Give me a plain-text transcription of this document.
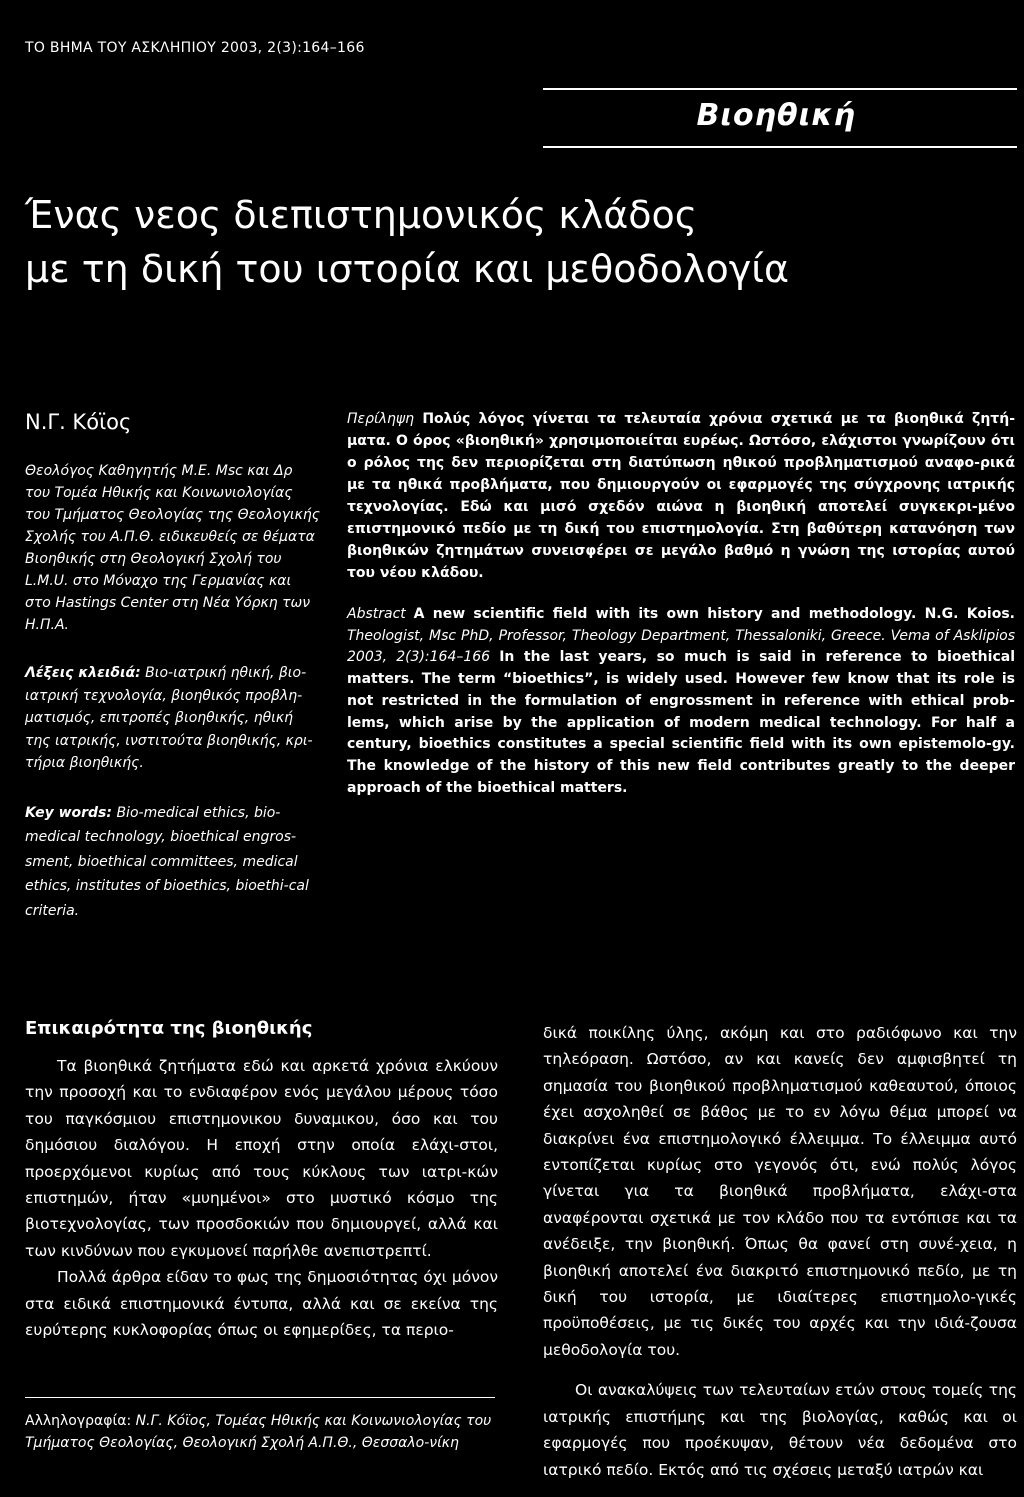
ΤΟ ΒΗΜΑ ΤΟΥ ΑΣΚΛΗΠΙΟΥ 2003, 2(3):164–166
Βιοηθική
Ένας νεος διεπιστημονικός κλάδος
με τη δική του ιστορία και μεθοδολογία
Ν.Γ. Κόϊος
Θεολόγος Καθηγητής Μ.Ε. Msc και Δρ του Τομέα Ηθικής και Κοινωνιολογίας του Τμήματος Θεολογίας της Θεολογικής Σχολής του Α.Π.Θ. ειδικευθείς σε θέματα Βιοηθικής στη Θεολογική Σχολή του L.M.U. στο Μόναχο της Γερμανίας και στο Hastings Center στη Νέα Υόρκη των Η.Π.Α.
Λέξεις κλειδιά: Βιο-ιατρική ηθική, βιο-ιατρική τεχνολογία, βιοηθικός προβλη-ματισμός, επιτροπές βιοηθικής, ηθική της ιατρικής, ινστιτούτα βιοηθικής, κρι-τήρια βιοηθικής.
Key words: Bio-medical ethics, bio-medical technology, bioethical engros-sment, bioethical committees, medical ethics, institutes of bioethics, bioethi-cal criteria.
Περίληψη Πολύς λόγος γίνεται τα τελευταία χρόνια σχετικά με τα βιοηθικά ζητή-ματα. Ο όρος «βιοηθική» χρησιμοποιείται ευρέως. Ωστόσο, ελάχιστοι γνωρίζουν ότι ο ρόλος της δεν περιορίζεται στη διατύπωση ηθικού προβληματισμού αναφο-ρικά με τα ηθικά προβλήματα, που δημιουργούν οι εφαρμογές της σύγχρονης ιατρικής τεχνολογίας. Εδώ και μισό σχεδόν αιώνα η βιοηθική αποτελεί συγκεκρι-μένο επιστημονικό πεδίο με τη δική του επιστημολογία. Στη βαθύτερη κατανόηση των βιοηθικών ζητημάτων συνεισφέρει σε μεγάλο βαθμό η γνώση της ιστορίας αυτού του νέου κλάδου.
Abstract A new scientific field with its own history and methodology. N.G. Koios. Theologist, Msc PhD, Professor, Theology Department, Thessaloniki, Greece. Vema of Asklipios 2003, 2(3):164–166 In the last years, so much is said in reference to bioethical matters. The term “bioethics”, is widely used. However few know that its role is not restricted in the formulation of engrossment in reference with ethical prob-lems, which arise by the application of modern medical technology. For half a century, bioethics constitutes a special scientific field with its own epistemolo-gy. The knowledge of the history of this new field contributes greatly to the deeper approach of the bioethical matters.
Επικαιρότητα της βιοηθικής

Τα βιοηθικά ζητήματα εδώ και αρκετά χρόνια ελκύουν την προσοχή και το ενδιαφέρον ενός μεγάλου μέρους τόσο του παγκόσμιου επιστημονικου δυναμικου, όσο και του δημόσιου διαλόγου. Η εποχή στην οποία ελάχι-στοι, προερχόμενοι κυρίως από τους κύκλους των ιατρι-κών επιστημών, ήταν «μυημένοι» στο μυστικό κόσμο της βιοτεχνολογίας, των προσδοκιών που δημιουργεί, αλλά και των κινδύνων που εγκυμονεί παρήλθε ανεπιστρεπτί.

Πολλά άρθρα είδαν το φως της δημοσιότητας όχι μόνον στα ειδικά επιστημονικά έντυπα, αλλά και σε εκείνα της ευρύτερης κυκλοφορίας όπως οι εφημερίδες, τα περιο-

δικά ποικίλης ύλης, ακόμη και στο ραδιόφωνο και την τηλεόραση. Ωστόσο, αν και κανείς δεν αμφισβητεί τη σημασία του βιοηθικού προβληματισμού καθεαυτού, όποιος έχει ασχοληθεί σε βάθος με το εν λόγω θέμα μπορεί να διακρίνει ένα επιστημολογικό έλλειμμα. Το έλλειμμα αυτό εντοπίζεται κυρίως στο γεγονός ότι, ενώ πολύς λόγος γίνεται για τα βιοηθικά προβλήματα, ελάχι-στα αναφέρονται σχετικά με τον κλάδο που τα εντόπισε και τα ανέδειξε, την βιοηθική. Όπως θα φανεί στη συνέ-χεια, η βιοηθική αποτελεί ένα διακριτό επιστημονικό πεδίο, με τη δική του ιστορία, με ιδιαίτερες επιστημολο-γικές προϋποθέσεις, με τις δικές του αρχές και την ιδιά-ζουσα μεθοδολογία του.

Οι ανακαλύψεις των τελευταίων ετών στους τομείς της ιατρικής επιστήμης και της βιολογίας, καθώς και οι εφαρμογές που προέκυψαν, θέτουν νέα δεδομένα στο ιατρικό πεδίο. Εκτός από τις σχέσεις μεταξύ ιατρών και

Αλληλογραφία: Ν.Γ. Κόϊος, Τομέας Ηθικής και Κοινωνιολογίας του Τμήματος Θεολογίας, Θεολογική Σχολή Α.Π.Θ., Θεσσαλο-νίκη
